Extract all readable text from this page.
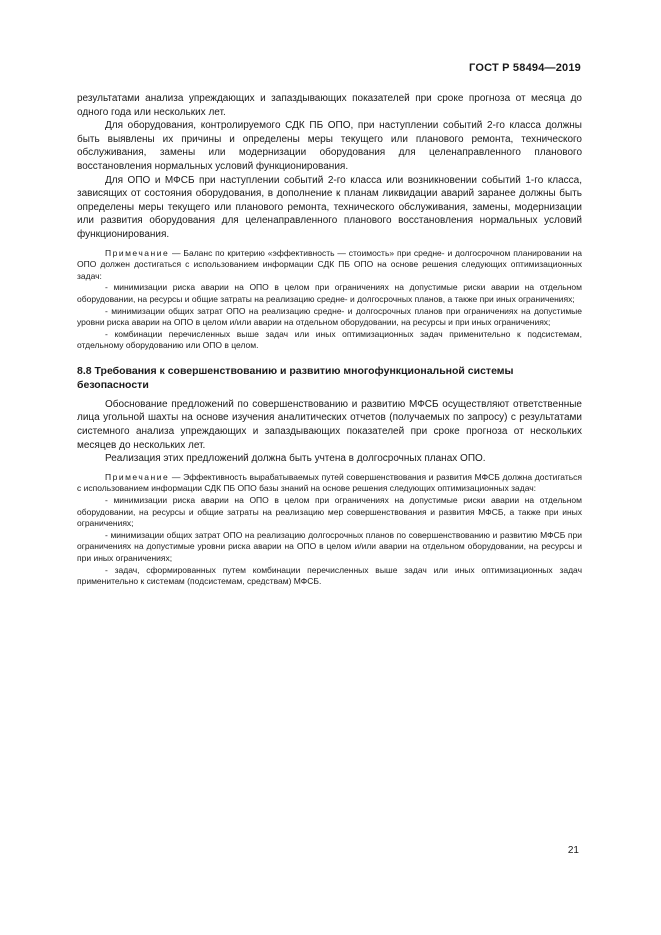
ГОСТ Р 58494—2019

результатами анализа упреждающих и запаздывающих показателей при сроке прогноза от месяца до одного года или нескольких лет.

Для оборудования, контролируемого СДК ПБ ОПО, при наступлении событий 2-го класса должны быть выявлены их причины и определены меры текущего или планового ремонта, технического обслуживания, замены или модернизации оборудования для целенаправленного планового восстановления нормальных условий функционирования.

Для ОПО и МФСБ при наступлении событий 2-го класса или возникновении событий 1-го класса, зависящих от состояния оборудования, в дополнение к планам ликвидации аварий заранее должны быть определены меры текущего или планового ремонта, технического обслуживания, замены, модернизации или развития оборудования для целенаправленного планового восстановления нормальных условий функционирования.

Примечание — Баланс по критерию «эффективность — стоимость» при средне- и долгосрочном планировании на ОПО должен достигаться с использованием информации СДК ПБ ОПО на основе решения следующих оптимизационных задач:

- минимизации риска аварии на ОПО в целом при ограничениях на допустимые риски аварии на отдельном оборудовании, на ресурсы и общие затраты на реализацию средне- и долгосрочных планов, а также при иных ограничениях;

- минимизации общих затрат ОПО на реализацию средне- и долгосрочных планов при ограничениях на допустимые уровни риска аварии на ОПО в целом и/или аварии на отдельном оборудовании, на ресурсы и при иных ограничениях;

- комбинации перечисленных выше задач или иных оптимизационных задач применительно к подсистемам, отдельному оборудованию или ОПО в целом.

8.8 Требования к совершенствованию и развитию многофункциональной системы безопасности

Обоснование предложений по совершенствованию и развитию МФСБ осуществляют ответственные лица угольной шахты на основе изучения аналитических отчетов (получаемых по запросу) с результатами системного анализа упреждающих и запаздывающих показателей при сроке прогноза от нескольких месяцев до нескольких лет.

Реализация этих предложений должна быть учтена в долгосрочных планах ОПО.

Примечание — Эффективность вырабатываемых путей совершенствования и развития МФСБ должна достигаться с использованием информации СДК ПБ ОПО базы знаний на основе решения следующих оптимизационных задач:

- минимизации риска аварии на ОПО в целом при ограничениях на допустимые риски аварии на отдельном оборудовании, на ресурсы и общие затраты на реализацию мер совершенствования и развития МФСБ, а также при иных ограничениях;

- минимизации общих затрат ОПО на реализацию долгосрочных планов по совершенствованию и развитию МФСБ при ограничениях на допустимые уровни риска аварии на ОПО в целом и/или аварии на отдельном оборудовании, на ресурсы и при иных ограничениях;

- задач, сформированных путем комбинации перечисленных выше задач или иных оптимизационных задач применительно к системам (подсистемам, средствам) МФСБ.

21
